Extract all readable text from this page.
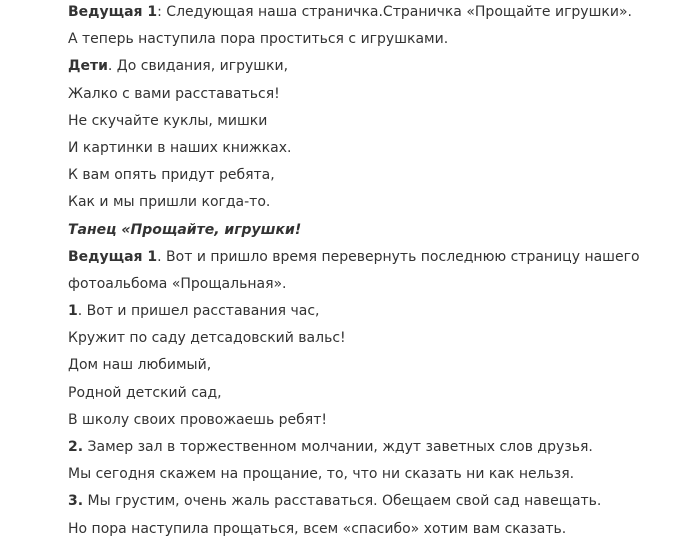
Ведущая 1: Следующая наша страничка.Страничка «Прощайте игрушки».
А теперь наступила пора проститься с игрушками.
Дети. До свидания, игрушки,
Жалко с вами расставаться!
Не скучайте куклы, мишки
И картинки в наших книжках.
К вам опять придут ребята,
Как и мы пришли когда-то.
Танец «Прощайте, игрушки!
Ведущая 1. Вот и пришло время перевернуть последнюю страницу нашего
фотоальбома «Прощальная».
1. Вот и пришел расставания час,
Кружит по саду детсадовский вальс!
Дом наш любимый,
Родной детский сад,
В школу своих провожаешь ребят!
2. Замер зал в торжественном молчании, ждут заветных слов друзья.
Мы сегодня скажем на прощание, то, что ни сказать ни как нельзя.
3. Мы грустим, очень жаль расставаться. Обещаем свой сад навещать.
Но пора наступила прощаться, всем «спасибо» хотим вам сказать.
